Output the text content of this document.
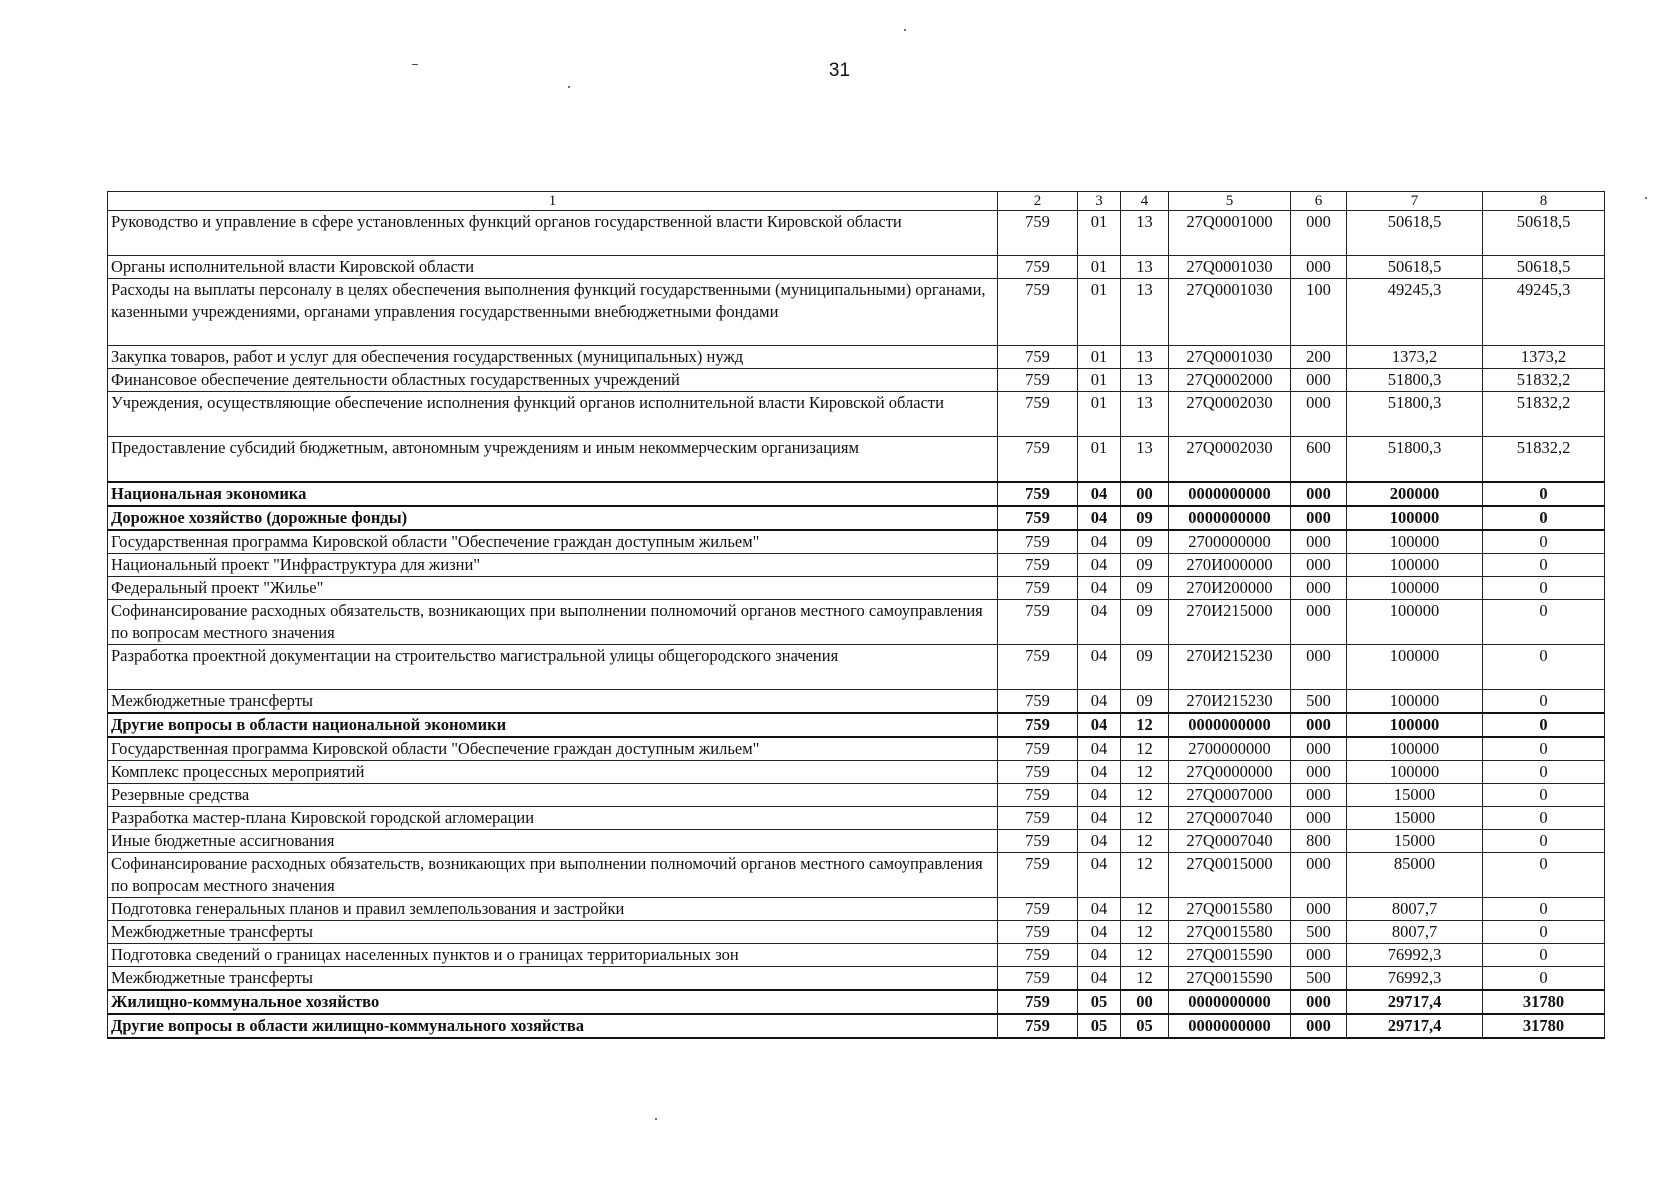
31
1	2	3	4	5	6	7	8
Руководство и управление в сфере установленных функций органов государственной власти Кировской области	759	01	13	27Q0001000	000	50618,5	50618,5
Органы исполнительной власти Кировской области	759	01	13	27Q0001030	000	50618,5	50618,5
Расходы на выплаты персоналу в целях обеспечения выполнения функций государственными (муниципальными) органами, казенными учреждениями, органами управления государственными внебюджетными фондами	759	01	13	27Q0001030	100	49245,3	49245,3
Закупка товаров, работ и услуг для обеспечения государственных (муниципальных) нужд	759	01	13	27Q0001030	200	1373,2	1373,2
Финансовое обеспечение деятельности областных государственных учреждений	759	01	13	27Q0002000	000	51800,3	51832,2
Учреждения, осуществляющие обеспечение исполнения функций органов исполнительной власти Кировской области	759	01	13	27Q0002030	000	51800,3	51832,2
Предоставление субсидий бюджетным, автономным учреждениям и иным некоммерческим организациям	759	01	13	27Q0002030	600	51800,3	51832,2
Национальная экономика	759	04	00	0000000000	000	200000	0
Дорожное хозяйство (дорожные фонды)	759	04	09	0000000000	000	100000	0
Государственная программа Кировской области "Обеспечение граждан доступным жильем"	759	04	09	2700000000	000	100000	0
Национальный проект "Инфраструктура для жизни"	759	04	09	270И000000	000	100000	0
Федеральный проект "Жилье"	759	04	09	270И200000	000	100000	0
Софинансирование расходных обязательств, возникающих при выполнении полномочий органов местного самоуправления по вопросам местного значения	759	04	09	270И215000	000	100000	0
Разработка проектной документации на строительство магистральной улицы общегородского значения	759	04	09	270И215230	000	100000	0
Межбюджетные трансферты	759	04	09	270И215230	500	100000	0
Другие вопросы в области национальной экономики	759	04	12	0000000000	000	100000	0
Государственная программа Кировской области "Обеспечение граждан доступным жильем"	759	04	12	2700000000	000	100000	0
Комплекс процессных мероприятий	759	04	12	27Q0000000	000	100000	0
Резервные средства	759	04	12	27Q0007000	000	15000	0
Разработка мастер-плана Кировской городской агломерации	759	04	12	27Q0007040	000	15000	0
Иные бюджетные ассигнования	759	04	12	27Q0007040	800	15000	0
Софинансирование расходных обязательств, возникающих при выполнении полномочий органов местного самоуправления по вопросам местного значения	759	04	12	27Q0015000	000	85000	0
Подготовка генеральных планов и правил землепользования и застройки	759	04	12	27Q0015580	000	8007,7	0
Межбюджетные трансферты	759	04	12	27Q0015580	500	8007,7	0
Подготовка сведений о границах населенных пунктов и о границах территориальных зон	759	04	12	27Q0015590	000	76992,3	0
Межбюджетные трансферты	759	04	12	27Q0015590	500	76992,3	0
Жилищно-коммунальное хозяйство	759	05	00	0000000000	000	29717,4	31780
Другие вопросы в области жилищно-коммунального хозяйства	759	05	05	0000000000	000	29717,4	31780
